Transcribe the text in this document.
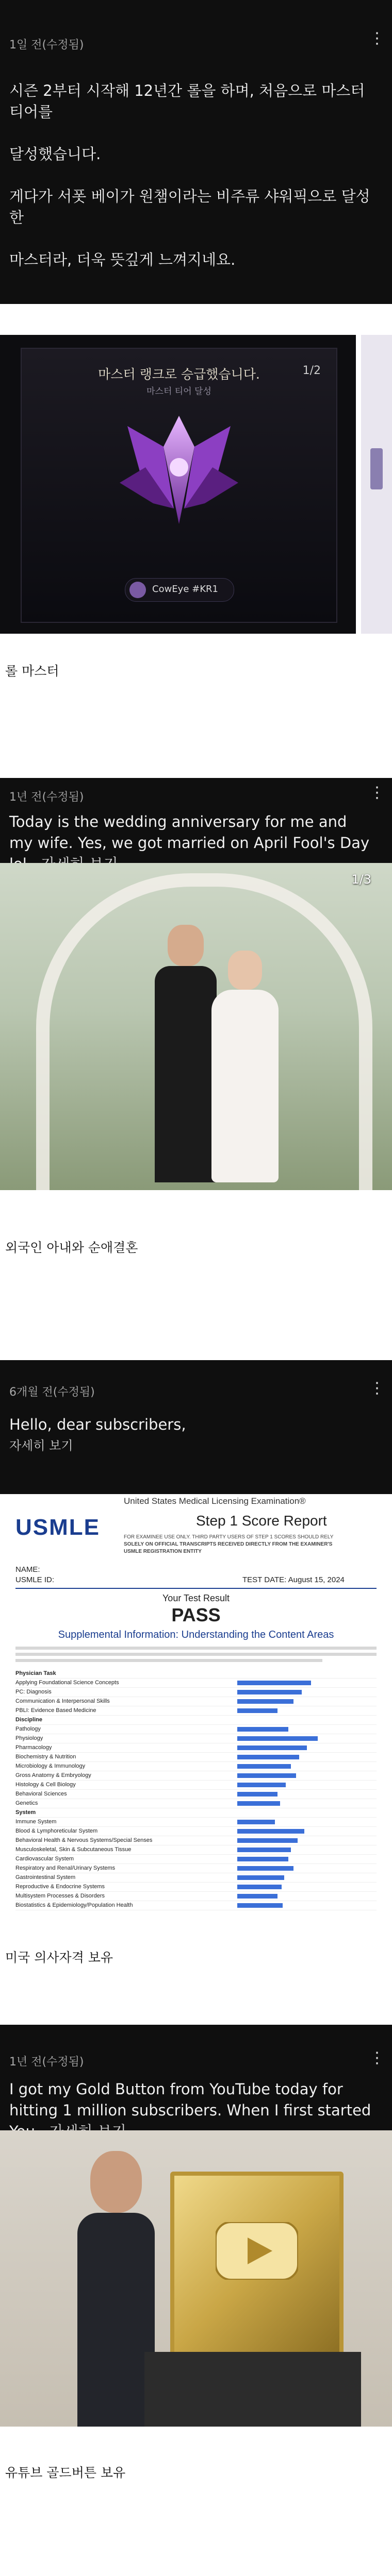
1일 전(수정됨)	⋮

시즌 2부터 시작해 12년간 롤을 하며, 처음으로 마스터 티어를

달성했습니다.

게다가 서폿 베이가 원챔이라는 비주류 샤워픽으로 달성한

마스터라, 더욱 뜻깊게 느껴지네요.

마스터 랭크로 승급했습니다.
마스터 티어 달성
1/2
CowEye #KR1
롤 마스터
1년 전(수정됨)	⋮
Today is the wedding anniversary for me and my wife. Yes, we got married on April Fool's Day
1/3
외국인 아내와 순애결혼
6개월 전(수정됨)	⋮
Hello, dear subscribers,
자세히 보기
United States Medical Licensing Examination®
USMLE	Step 1 Score Report
FOR EXAMINEE USE ONLY. THIRD PARTY USERS OF STEP 1 SCORES SHOULD RELY
SOLELY ON OFFICIAL TRANSCRIPTS RECEIVED DIRECTLY FROM THE EXAMINER'S
USMLE REGISTRATION ENTITY
NAME:
USMLE ID:	TEST DATE: August 15, 2024
Your Test Result
PASS
Supplemental Information: Understanding the Content Areas
Physician Task
Applying Foundational Science Concepts
PC: Diagnosis
Communication & Interpersonal Skills
PBLI: Evidence Based Medicine
Discipline
Pathology
Physiology
Pharmacology
Biochemistry & Nutrition
Microbiology & Immunology
Gross Anatomy & Embryology
Histology & Cell Biology
Behavioral Sciences
Genetics
System
Immune System
Blood & Lymphoreticular System
Behavioral Health & Nervous Systems/Special Senses
Musculoskeletal, Skin & Subcutaneous Tissue
Cardiovascular System
Respiratory and Renal/Urinary Systems
Gastrointestinal System
Reproductive & Endocrine Systems
Multisystem Processes & Disorders
Biostatistics & Epidemiology/Population Health
미국 의사자격 보유
1년 전(수정됨)	⋮
I got my Gold Button from YouTube today for hitting 1 million subscribers. When I first started
유튜브 골드버튼 보유
